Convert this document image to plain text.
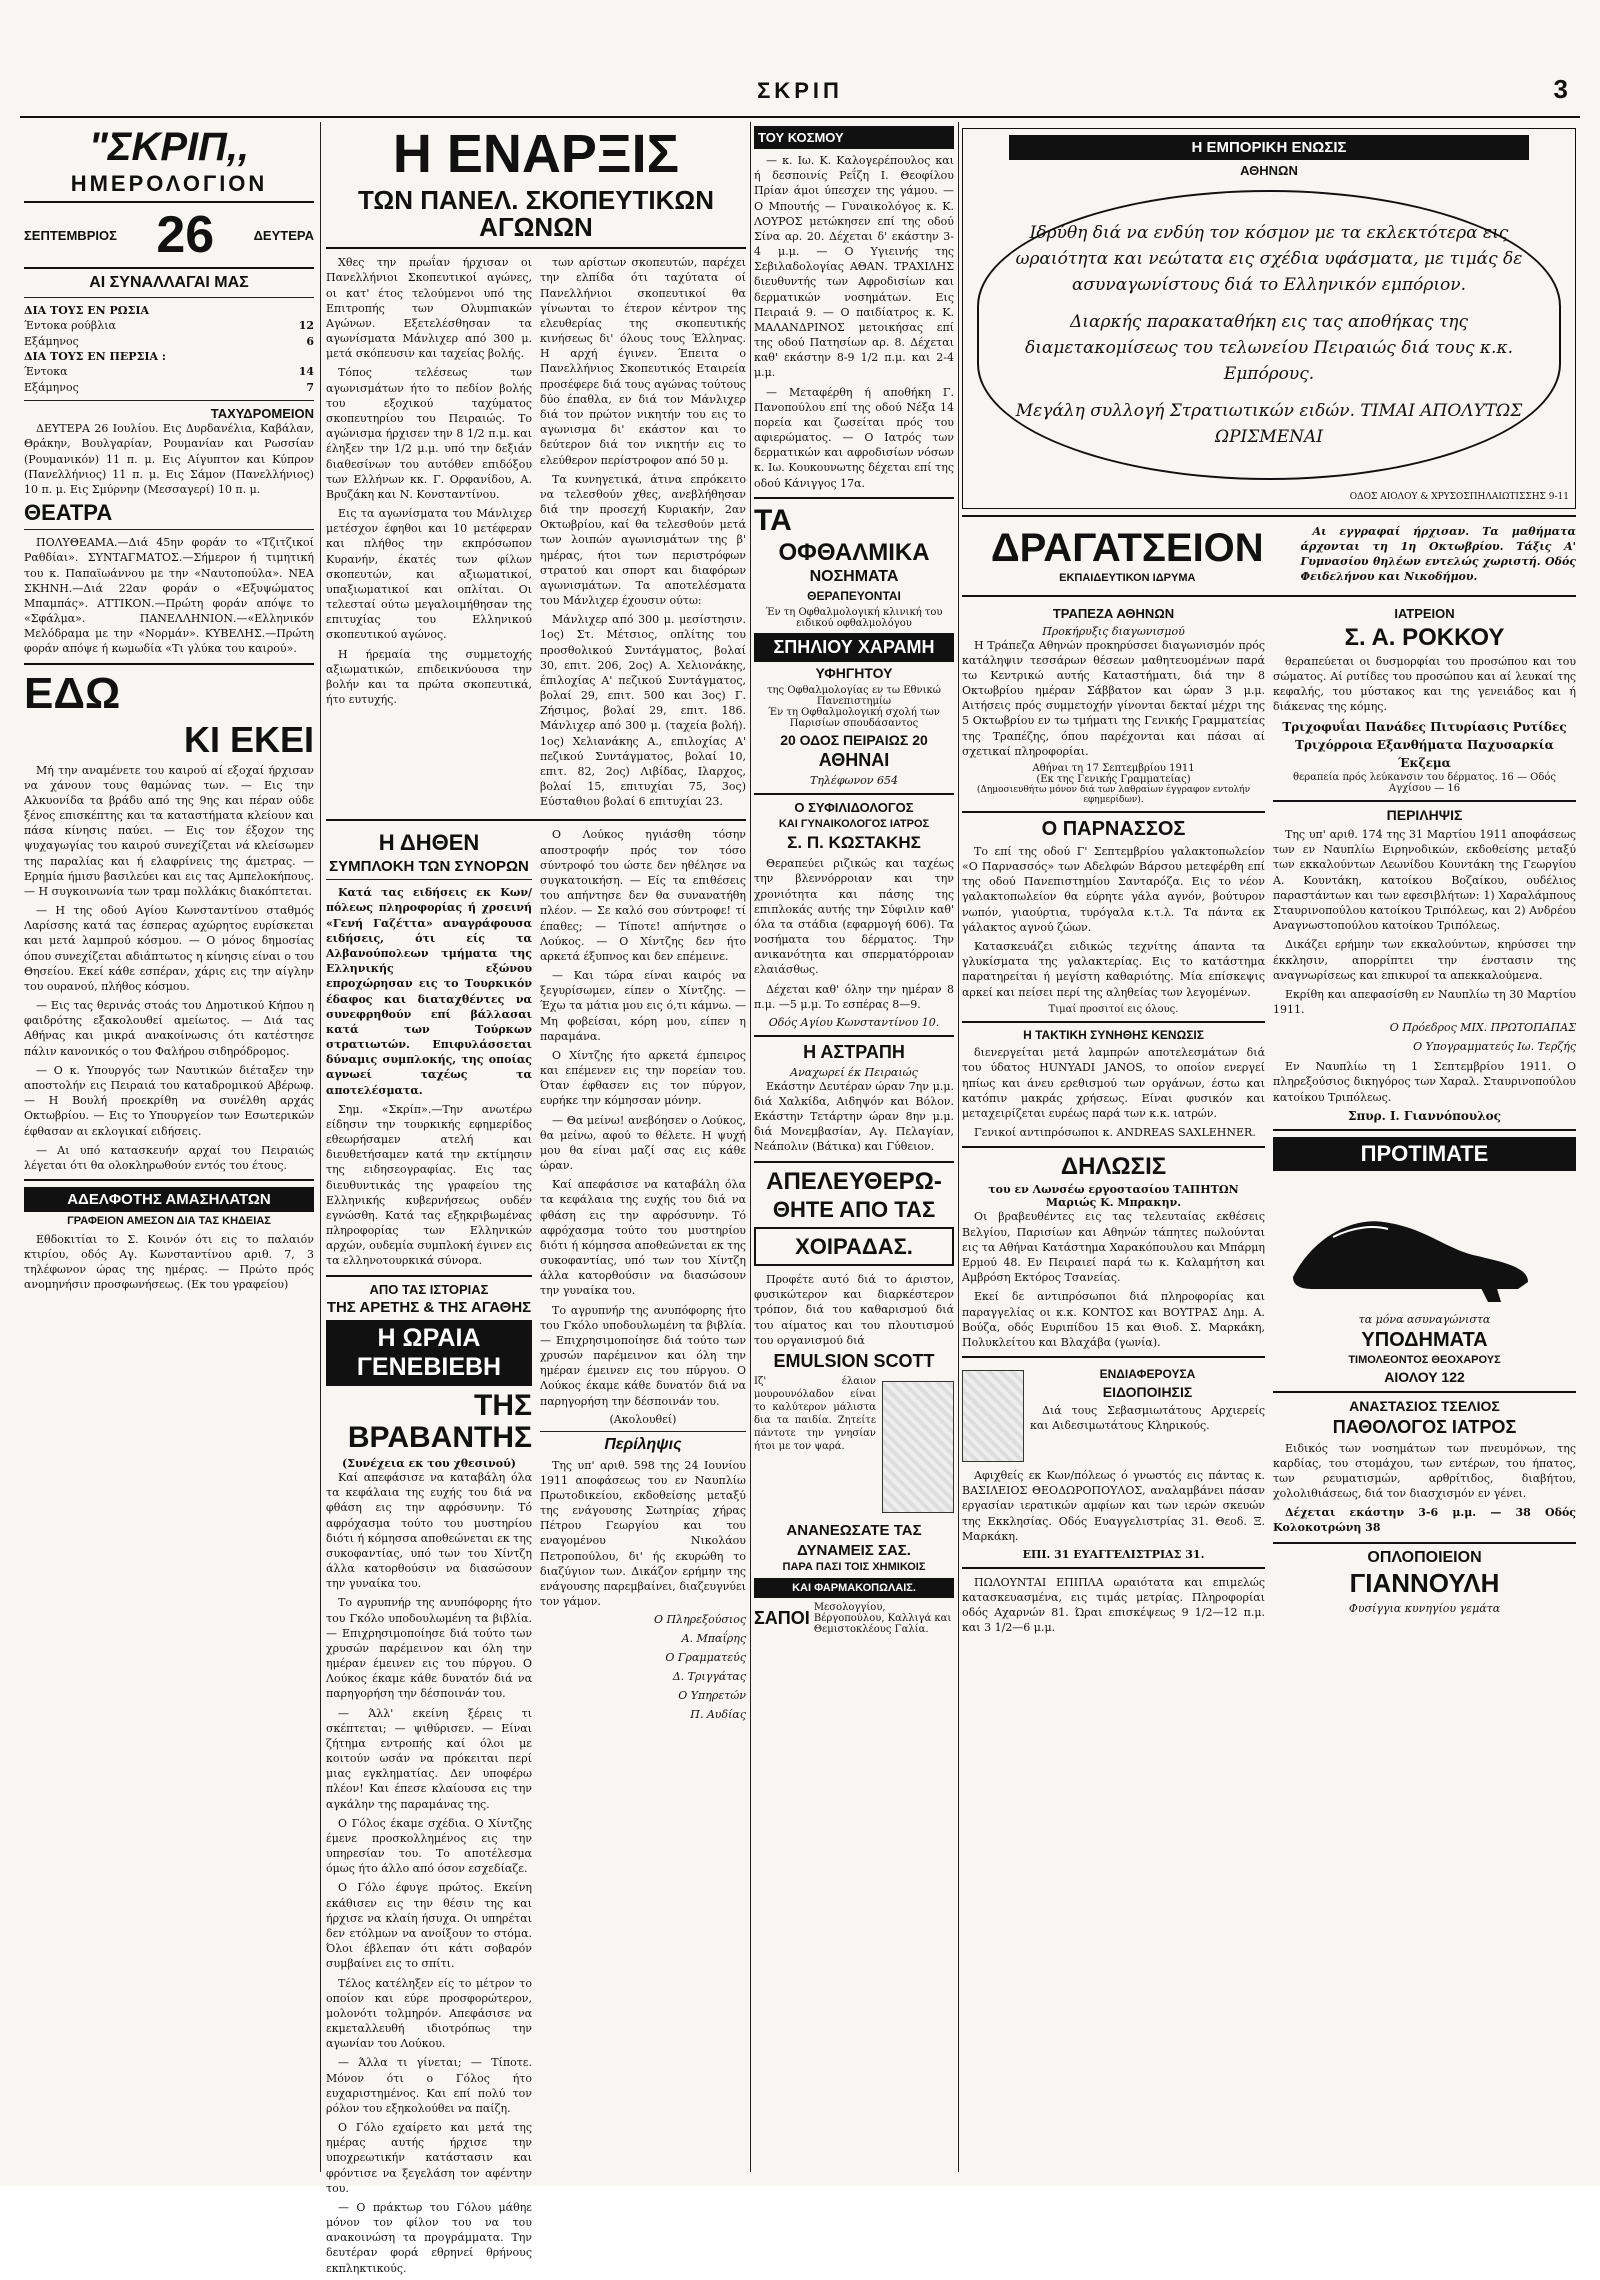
ΣΚΡΙΠ	3
"ΣΚΡΙΠ,,
ΗΜΕΡΟΛΟΓΙΟΝ
ΣΕΠΤΕΜΒΡΙΟΣ 26	ΔΕΥΤΕΡΑ
ΑΙ ΣΥΝΑΛΛΑΓΑΙ ΜΑΣ
ΔΙΑ ΤΟΥΣ ΕΝ ΡΩΣΙΑ
Έντοκα ρούβλια	12
Εξάμηνος	6
ΔΙΑ ΤΟΥΣ ΕΝ ΠΕΡΣΙΑ :
Έντοκα	14
Εξάμηνος	7
ΤΑΧΥΔΡΟΜΕΙΟΝ

ΔΕΥΤΕΡΑ 26 Ιουλίου. Εις Δυρδανέλια, Καβάλαν, Θράκην, Βουλγαρίαν, Ρουμανίαν και Ρωσσίαν (Ρουμανικόν) 11 π. μ. Εις Αίγυπτον και Κύπρον (Πανελλήνιος) 11 π. μ. Εις Σάμον (Πανελλήνιος) 10 π. μ. Εις Σμύρνην (Μεσσαγερί) 10 π. μ.

ΘΕΑΤΡΑ

ΠΟΛΥΘΕΑΜΑ.—Διά 45ην φοράν το «Τζιτζικοί Ραθδίαι». ΣΥΝΤΑΓΜΑΤΟΣ.—Σήμερον ή τιμητική του κ. Παπαϊωάννου με την «Ναυτοπούλα». ΝΕΑ ΣΚΗΝΗ.—Διά 22αν φοράν ο «Εξυψώματος Μπαμπάς». ΑΤΤΙΚΟΝ.—Πρώτη φοράν απόψε το «Σφάλμα». ΠΑΝΕΛΛΗΝΙΟΝ.—«Ελληνικόν Μελόδραμα με την «Νορμάν». ΚΥΒΕΛΗΣ.—Πρώτη φοράν απόψε ή κωμωδία «Τι γλύκα του καιρού».

ΕΔΩ
ΚΙ ΕΚΕΙ

Μή την αναμένετε του καιρού αί εξοχαί ήρχισαν να χάνουν τους θαμώνας των. — Εις την Αλκυονίδα τα βράδυ από της 9ης και πέραν ούδε ξένος επισκέπτης και τα καταστήματα κλείουν και πάσα κίνησις παύει. — Εις τον έξοχον της ψυχαγωγίας του καιρού συνεχίζεται νά κλείσωμεν της παραλίας και ή ελαφρίνεις της άμετρας. — Ερημία ήμισυ βασιλεύει και εις τας Αμπελοκήπους. — Η συγκοινωνία των τραμ πολλάκις διακόπτεται.

— Η της οδού Αγίου Κωνσταντίνου σταθμός Λαρίσσης κατά τας έσπερας αχώρητος ευρίσκεται και μετά λαμπρού κόσμου. — Ο μόνος δημοσίας όπου συνεχίζεται αδιάπτωτος η κίνησις είναι ο του Θησείου. Εκεί κάθε εσπέραν, χάρις εις την αίγλην του ουρανού, πλήθος κόσμου.

— Εις τας θερινάς στοάς του Δημοτικού Κήπου η φαιδρότης εξακολουθεί αμείωτος. — Διά τας Αθήνας και μικρά ανακοίνωσις ότι κατέστησε πάλιν κανονικός ο του Φαλήρου σιδηρόδρομος.

— Ο κ. Υπουργός των Ναυτικών διέταξεν την αποστολήν εις Πειραιά του καταδρομικού Αβέρωφ. — Η Βουλή προεκρίθη να συνέλθη αρχάς Οκτωβρίου. — Εις το Υπουργείον των Εσωτερικών έφθασαν αι εκλογικαί ειδήσεις.

— Αι υπό κατασκευήν αρχαί του Πειραιώς λέγεται ότι θα ολοκληρωθούν εντός του έτους.

ΑΔΕΛΦΟΤΗΣ ΑΜΑΣΗΛΑΤΩΝ
ΓΡΑΦΕΙΟΝ ΑΜΕΣΟΝ ΔΙΑ ΤΑΣ ΚΗΔΕΙΑΣ

Εθδοκιτίαι το Σ. Κοινόν ότι εις το παλαιόν κτιρίου, οδός Αγ. Κωνσταντίνου αριθ. 7, 3 τηλέφωνον ώρας της ημέρας. — Πρώτο πρός ανομηνήσιν προσφωνήσεως. (Εκ του γραφείου)

Η ΕΝΑΡΞΙΣ
ΤΩΝ ΠΑΝΕΛ. ΣΚΟΠΕΥΤΙΚΩΝ ΑΓΩΝΩΝ

Χθες την πρωΐαν ήρχισαν οι Πανελλήνιοι Σκοπευτικοί αγώνες, οι κατ' έτος τελούμενοι υπό της Επιτροπής των Ολυμπιακών Αγώνων. Εξετελέσθησαν τα αγωνίσματα Μάνλιχερ από 300 μ. μετά σκόπευσιν και ταχείας βολής.

Τόπος τελέσεως των αγωνισμάτων ήτο το πεδίον βολής του εξοχικού ταχύματος σκοπευτηρίου του Πειραιώς. Το αγώνισμα ήρχισεν την 8 1/2 π.μ. και έληξεν την 1/2 μ.μ. υπό την δεξιάν διαθεσίνων του αυτόθεν επιδόξου των Ελλήνων κκ. Γ. Ορφανίδου, Α. Βρυζάκη και Ν. Κονσταντίνου.

Εις τα αγωνίσματα του Μάνλιχερ μετέσχον έφηθοι και 10 μετέφεραν και πλήθος την εκπρόσωπον Κυρανήν, έκατές των φίλων σκοπευτών, και αξιωματικοί, υπαξιωματικοί και οπλίται. Οι τελεσταί ούτω μεγαλοιμήθησαν της επιτυχίας του Ελληνικού σκοπευτικού αγώνος.

Η ήρεμαία της συμμετοχής αξιωματικών, επιδεικνύουσα την βολήν και τα πρώτα σκοπευτικά, ήτο ευτυχής.

των αρίστων σκοπευτών, παρέχει την ελπίδα ότι ταχύτατα οί Πανελλήνιοι σκοπευτικοί θα γίνωνται το έτερον κέντρον της ελευθερίας της σκοπευτικής κινήσεως δι' όλους τους Έλληνας. Η αρχή έγινεν. Έπειτα ο Πανελλήνιος Σκοπευτικός Εταιρεία προσέφερε διά τους αγώνας τούτους δύο έπαθλα, εν διά τον Μάνλιχερ διά τον πρώτον νικητήν του εις το αγωνισμα δι' εκάστον και το δεύτερον διά τον νικητήν εις το ελεύθερον περίστροφον από 50 μ.

Τα κυνηγετικά, άτινα επρόκειτο να τελεσθούν χθες, ανεβλήθησαν διά την προσεχή Κυριακήν, 2αν Οκτωβρίου, καί θα τελεσθούν μετά των λοιπών αγωνισμάτων της β' ημέρας, ήτοι των περιστρόφων στρατού και σπορτ και διαφόρων αγωνισμάτων. Τα αποτελέσματα του Μάνλιχερ έχουσιν ούτω:

Μάνλιχερ από 300 μ. μεσίστησιν. 1ος) Στ. Μέτσιος, οπλίτης του προσθολικού Συντάγματος, βολαί 30, επιτ. 206, 2ος) Α. Χελιονάκης, έπιλοχίας Α' πεζικού Συντάγματος, βολαί 29, επιτ. 500 και 3ος) Γ. Ζήσιμος, βολαί 29, επιτ. 186. Μάνλιχερ από 300 μ. (ταχεία βολή). 1ος) Χελιανάκης Α., επιλοχίας Α' πεζικού Συντάγματος, βολαί 10, επιτ. 82, 2ος) Λιβίδας, Ιλαρχος, βολαί 15, επιτυχίαι 75, 3ος) Εύσταθιου βολαί 6 επιτυχίαι 23.

Η ΔΗΘΕΝ
ΣΥΜΠΛΟΚΗ ΤΩΝ ΣΥΝΟΡΩΝ

Κατά τας ειδήσεις εκ Κων/πόλεως πληροφορίας ή χρσεινή «Γενή Γαζέττα» αναγράφουσα ειδήσεις, ότι είς τα Αλβανούπολεων τμήματα της Ελληνικής εξώνου επροχώρησαν εις το Τουρκικόν έδαφος και διαταχθέντες να συνεφρηθούν επί βάλλασαι κατά των Τούρκων στρατιωτών. Επιφυλάσσεται δύναμις συμπλοκής, της οποίας αγνωεί ταχέως τα αποτελέσματα.

Σημ. «Σκρίπ».—Την ανωτέρω είδησιν την τουρκικής εφημερίδος εθεωρήσαμεν ατελή και διευθετήσαμεν κατά την εκτίμησιν της ειδησεογραφίας. Εις τας διευθυντικάς της γραφείου της Ελληνικής κυβερνήσεως ουδέν εγνώσθη. Κατά τας εξηκριβωμένας πληροφορίας των Ελληνικών αρχών, ουδεμία συμπλοκή έγινεν εις τα ελληνοτουρκικά σύνορα.

ΑΠΟ ΤΑΣ ΙΣΤΟΡΙΑΣ
ΤΗΣ ΑΡΕΤΗΣ & ΤΗΣ ΑΓΑΘΗΣ
Η ΩΡΑΙΑ ΓΕΝΕΒΙΕΒΗ
ΤΗΣ ΒΡΑΒΑΝΤΗΣ
(Συνέχεια εκ του χθεσινού)

Καί απεφάσισε να καταβάλη όλα τα κεφάλαια της ευχής του διά να φθάση εις την αφρόσυνην. Τό αφρόχασμα τούτο του μυστηρίου διότι ή κόμησσα αποθεώνεται εκ της συκοφαντίας, υπό των του Χίντζη άλλα κατορθούσιν να διασώσουν την γυναίκα του.

Το αγρυπνήρ της ανυπόφορης ήτο του Γκόλο υποδουλωμένη τα βιβλία. — Επιχρησιμοποίησε διά τούτο των χρυσών παρέμεινον και όλη την ημέραν έμεινεν εις του πύργου. Ο Λούκος έκαμε κάθε δυνατόν διά να παρηγορήση την δέσποινάν του.

— Άλλ' εκείνη ξέρεις τι σκέπτεται; — ψιθύρισεν. — Είναι ζήτημα εντροπής καί όλοι με κοιτούν ωσάν να πρόκειται περί μιας εγκληματίας. Δεν υποφέρω πλέον! Και έπεσε κλαίουσα εις την αγκάλην της παραμάνας της.

Ο Γόλος έκαμε σχέδια. Ο Χίντζης έμενε προσκολλημένος εις την υπηρεσίαν του. Το αποτέλεσμα όμως ήτο άλλο από όσον εσχεδίαζε.

Ο Γόλο έφυγε πρώτος. Εκείνη εκάθισεν εις την θέσιν της και ήρχισε να κλαίη ήσυχα. Οι υπηρέται δεν ετόλμων να ανοίξουν το στόμα. Όλοι έβλεπαν ότι κάτι σοβαρόν συμβαίνει εις το σπίτι.

Τέλος κατέληξεν είς το μέτρον το οποίον και εύρε προσφορώτερον, μολονότι τολμηρόν. Απεφάσισε να εκμεταλλευθή ιδιοτρόπως την αγωνίαν του Λούκου.

— Άλλα τι γίνεται; — Τίποτε. Μόνον ότι ο Γόλος ήτο ευχαριστημένος. Και επί πολύ τον ρόλον του εξηκολούθει να παίζη.

Ο Γόλο εχαίρετο και μετά της ημέρας αυτής ήρχισε την υποχρεωτικήν κατάστασιν και φρόντισε να ξεγελάση τον αφέντην του.

— Ο πράκτωρ του Γόλου μάθηε μόνον τον φίλον του να του ανακοινώση τα προγράμματα. Την δευτέραν φορά εθρηνεί θρήνους εκπληκτικούς.

Ο Λούκος ηγιάσθη τόσην αποστροφήν πρός τον τόσο σύντροφό του ώστε δεν ηθέλησε να συγκατοικήση. — Είς τα επιθέσεις του απήντησε δεν θα συνανατήθη πλέον. — Σε καλό σου σύντροφε! τί έπαθες; — Τίποτε! απήντησε ο Λούκος. — Ο Χίντζης δεν ήτο αρκετά έξυπνος και δεν επέμεινε.

— Και τώρα είναι καιρός να ξεγυρίσωμεν, είπεν ο Χίντζης. — Έχω τα μάτια μου εις ό,τι κάμνω. — Μη φοβείσαι, κόρη μου, είπεν η παραμάνα.

Ο Χίντζης ήτο αρκετά έμπειρος και επέμενεν εις την πορείαν του. Όταν έφθασεν εις τον πύργον, ευρήκε την κόμησσαν μόνην.

— Θα μείνω! ανεβόησεν ο Λούκος, θα μείνω, αφού το θέλετε. Η ψυχή μου θα είναι μαζί σας εις κάθε ώραν.

Καί απεφάσισε να καταβάλη όλα τα κεφάλαια της ευχής του διά να φθάση εις την αφρόσυνην. Τό αφρόχασμα τούτο του μυστηρίου διότι ή κόμησσα αποθεώνεται εκ της συκοφαντίας, υπό των του Χίντζη άλλα κατορθούσιν να διασώσουν την γυναίκα του.

Το αγρυπνήρ της ανυπόφορης ήτο του Γκόλο υποδουλωμένη τα βιβλία. — Επιχρησιμοποίησε διά τούτο των χρυσών παρέμεινον και όλη την ημέραν έμεινεν εις του πύργου. Ο Λούκος έκαμε κάθε δυνατόν διά να παρηγορήση την δέσποινάν του.

(Ακολουθεί)
Περίληψις

Της υπ' αριθ. 598 της 24 Ιουνίου 1911 αποφάσεως του εν Ναυπλίω Πρωτοδικείου, εκδοθείσης μεταξύ της ενάγουσης Σωτηρίας χήρας Πέτρου Γεωργίου και του εναγομένου Νικολάου Πετροπούλου, δι' ής εκυρώθη το διαζύγιον των. Δικάζον ερήμην της ενάγουσης παρεμβαίνει, διαζευγνύει τον γάμον.

Ο Πληρεξούσιος
Α. Μπαΐρης
Ο Γραμματεύς
Δ. Τριγγάτας
Ο Υπηρετών
Π. Αυδίας
ΤΟΥ ΚΟΣΜΟΥ

— κ. Ιω. Κ. Καλογερέπουλος και ή δεσποινίς Ρεΐζη Ι. Θεοφίλου Πρίαν άμοι ύπεσχεν της γάμου. — Ο Μπουτής — Γυναικολόγος κ. Κ. ΛΟΥΡΟΣ μετώκησεν επί της οδού Σίνα αρ. 20. Δέχεται δ' εκάστην 3-4 μ.μ. — Ο Υγιεινής της Σεβιλαδολογίας ΑΘΑΝ. ΤΡΑΧΙΛΗΣ διευθυντής των Αφροδισίων και δερματικών νοσημάτων. Εις Πειραιά 9. — Ο παιδίατρος κ. Κ. ΜΑΛΑΝΔΡΙΝΟΣ μετοικήσας επί της οδού Πατησίων αρ. 8. Δέχεται καθ' εκάστην 8-9 1/2 π.μ. και 2-4 μ.μ.

— Μεταφέρθη ή αποθήκη Γ. Πανοπούλου επί της οδού Νέξα 14 πορεία και ζωσείται πρός του αφιερώματος. — Ο Ιατρός των δερματικών και αφροδισίων νόσων κ. Ιω. Κουκουνωτης δέχεται επί της οδού Κάνιγγος 17α.

ΤΑ
ΟΦΘΑΛΜΙΚΑ
ΝΟΣΗΜΑΤΑ
ΘΕΡΑΠΕΥΟΝΤΑΙ
Έν τη Οφθαλμολογική κλινική του ειδικού οφθαλμολόγου
ΣΠΗΛΙΟΥ ΧΑΡΑΜΗ
ΥΦΗΓΗΤΟΥ
της Οφθαλμολογίας εν τω Εθνικώ Πανεπιστημίω
Έν τη Οφθαλμολογική σχολή των Παρισίων σπουδάσαντος
20 ΟΔΟΣ ΠΕΙΡΑΙΩΣ 20
ΑΘΗΝΑΙ
Τηλέφωνον 654
Ο ΣΥΦΙΛΙΔΟΛΟΓΟΣ
ΚΑΙ ΓΥΝΑΙΚΟΛΟΓΟΣ ΙΑΤΡΟΣ
Σ. Π. ΚΩΣΤΑΚΗΣ

Θεραπεύει ριζικώς και ταχέως την βλεννόρροιαν και την χρονιότητα και πάσης της επιπλοκάς αυτής την Σύφιλιν καθ' όλα τα στάδια (εφαρμογή 606). Τα νοσήματα του δέρματος. Την ανικανότητα και σπερματόρροιαν ελαιάσθως.

Δέχεται καθ' όλην την ημέραν 8 π.μ. —5 μ.μ. Το εσπέρας 8—9.

Οδός Αγίου Κωνσταντίνου 10.
Η ΑΣΤΡΑΠΗ
Αναχωρεί έκ Πειραιώς

Εκάστην Δευτέραν ώραν 7ην μ.μ. διά Χαλκίδα, Αιδηψόν και Βόλον. Εκάστην Τετάρτην ώραν 8ην μ.μ. διά Μονεμβασίαν, Αγ. Πελαγίαν, Νεάπολιν (Βάτικα) και Γύθειον.

ΑΠΕΛΕΥΘΕΡΩ-
ΘΗΤΕ ΑΠΟ ΤΑΣ
ΧΟΙΡΑΔΑΣ.

Προφέτε αυτό διά το άριστον, φυσικώτερον και διαρκέστερον τρόπον, διά του καθαρισμού διά του αίματος και του πλουτισμού του οργανισμού διά

EMULSION SCOTT

Ιζ' έλαιον μουρουνόλαδον είναι το καλύτερον μάλιστα δια τα παιδία. Ζητείτε πάντοτε την γνησίαν ήτοι με τον ψαρά.

ΑΝΑΝΕΩΣΑΤΕ ΤΑΣ
ΔΥΝΑΜΕΙΣ ΣΑΣ.
ΠΑΡΑ ΠΑΣΙ ΤΟΙΣ ΧΗΜΙΚΟΙΣ
ΚΑΙ ΦΑΡΜΑΚΟΠΩΛΑΙΣ.
ΣΑΠΟΙ
Μεσολογγίου, Βέργοπούλου, Καλλιγά και Θεμιστοκλέους Γαλία.
Η ΕΜΠΟΡΙΚΗ ΕΝΩΣΙΣ
ΑΘΗΝΩΝ
Ιδρύθη διά να ενδύη τον κόσμον με τα εκλεκτότερα εις ωραιότητα και νεώτατα εις σχέδια υφάσματα, με τιμάς δε ασυναγωνίστους διά το Ελληνικόν εμπόριον.
Διαρκής παρακαταθήκη εις τας αποθήκας της διαμετακομίσεως του τελωνείου Πειραιώς διά τους κ.κ. Εμπόρους.
Μεγάλη συλλογή Στρατιωτικών ειδών. ΤΙΜΑΙ ΑΠΟΛΥΤΩΣ ΩΡΙΣΜΕΝΑΙ
ΟΔΟΣ ΑΙΟΛΟΥ & ΧΡΥΣΟΣΠΗΛΑΙΩΤΙΣΣΗΣ 9-11
ΔΡΑΓΑΤΣΕΙΟΝ
ΕΚΠΑΙΔΕΥΤΙΚΟΝ ΙΔΡΥΜΑ

Αι εγγραφαί ήρχισαν. Τα μαθήματα άρχονται τη 1η Οκτωβρίου. Τάξις Α' Γυμνασίου θηλέων εντελώς χωριστή. Οδός Φειδελήνου και Νικοδήμου.

ΤΡΑΠΕΖΑ ΑΘΗΝΩΝ
Προκήρυξις διαγωνισμού

Η Τράπεζα Αθηνών προκηρύσσει διαγωνισμόν πρός κατάληψιν τεσσάρων θέσεων μαθητευομένων παρά τω Κεντρικώ αυτής Καταστήματι, διά την 8 Οκτωβρίου ημέραν Σάββατον και ώραν 3 μ.μ. Αιτήσεις πρός συμμετοχήν γίνονται δεκταί μέχρι της 5 Οκτωβρίου εν τω τμήματι της Γενικής Γραμματείας της Τραπέζης, όπου παρέχονται και πάσαι αί σχετικαί πληροφορίαι.

Αθήναι τη 17 Σεπτεμβρίου 1911
(Εκ της Γενικής Γραμματείας)
(Δημοσιευθήτω μόνον διά των λαθραίων έγγραφον εντολήν εφημερίδων).
Ο ΠΑΡΝΑΣΣΟΣ

Το επί της οδού Γ' Σεπτεμβρίου γαλακτοπωλείον «Ο Παρνασσός» των Αδελφών Βάρσου μετεφέρθη επί της οδού Πανεπιστημίου Σανταρόζα. Εις το νέον γαλακτοπωλείον θα εύρητε γάλα αγνόν, βούτυρον νωπόν, γιαούρτια, τυρόγαλα κ.τ.λ. Τα πάντα εκ γάλακτος αγνού ζώων.

Κατασκευάζει ειδικώς τεχνίτης άπαντα τα γλυκίσματα της γαλακτερίας. Εις το κατάστημα παρατηρείται ή μεγίστη καθαριότης. Μία επίσκεψις αρκεί και πείσει περί της αληθείας των λεγομένων.

Τιμαί προσιτοί εις όλους.
Η ΤΑΚΤΙΚΗ ΣΥΝΗΘΗΣ ΚΕΝΩΣΙΣ

διενεργείται μετά λαμπρών αποτελεσμάτων διά του ύδατος HUNYADI JANOS, το οποίον ενεργεί ηπίως και άνευ ερεθισμού των οργάνων, έστω και κατόπιν μακράς χρήσεως. Είναι φυσικόν και μεταχειρίζεται ευρέως παρά των κ.κ. ιατρών.

Γενικοί αντιπρόσωποι κ. ANDREAS SAXLEHNER.

ΔΗΛΩΣΙΣ
του εν Λωνσέω εργοστασίου ΤΑΠΗΤΩΝ Μαριώς Κ. Μπρακην.

Οι βραβευθέντες εις τας τελευταίας εκθέσεις Βελγίου, Παρισίων και Αθηνών τάπητες πωλούνται εις τα Αθήναι Κατάστημα Χαρακόπουλου και Μπάρμη Ερμού 48. Εν Πειραιεί παρά τω κ. Καλαμήτση και Αμβρόση Εκτόρος Τσανείας.

Εκεί δε αντιπρόσωποι διά πληροφορίας και παραγγελίας οι κ.κ. ΚΟΝΤΟΣ και ΒΟΥΤΡΑΣ Δημ. Α. Βούζα, οδός Ευριπίδου 15 και Θιοδ. Σ. Μαρκάκη, Πολυκλείτου και Βλαχάβα (γωνία).

ΕΝΔΙΑΦΕΡΟΥΣΑ
ΕΙΔΟΠΟΙΗΣΙΣ

Διά τους Σεβασμιωτάτους Αρχιερείς και Αιδεσιμωτάτους Κληρικούς.

Αφιχθείς εκ Κων/πόλεως ό γνωστός εις πάντας κ. ΒΑΣΙΛΕΙΟΣ ΘΕΟΔΩΡΟΠΟΥΛΟΣ, αναλαμβάνει πάσαν εργασίαν ιερατικών αμφίων και των ιερών σκευών της Εκκλησίας. Οδός Ευαγγελιστρίας 31. Θεοδ. Ξ. Μαρκάκη.

ΕΠΙ. 31 ΕΥΑΓΓΕΛΙΣΤΡΙΑΣ 31.

ΠΩΛΟΥΝΤΑΙ ΕΠΙΠΛΑ ωραιότατα και επιμελώς κατασκευασμένα, εις τιμάς μετρίας. Πληροφορίαι οδός Αχαρνών 81. Ώραι επισκέψεως 9 1/2—12 π.μ. και 3 1/2—6 μ.μ.

ΙΑΤΡΕΙΟΝ
Σ. Α. ΡΟΚΚΟΥ

θεραπεύεται οι δυσμορφίαι του προσώπου και του σώματος. Αί ρυτίδες του προσώπου και αί λευκαί της κεφαλής, του μύστακος και της γενειάδος και ή διάκενας της κόμης.

Τριχοφυΐαι Πανάδες Πιτυρίασις Ρυτίδες Τριχόρροια Εξανθήματα Παχυσαρκία Έκζεμα
θεραπεία πρός λεύκανσιν του δέρματος. 16 — Οδός Αγχίσου — 16
ΠΕΡΙΛΗΨΙΣ

Της υπ' αριθ. 174 της 31 Μαρτίου 1911 αποφάσεως των εν Ναυπλίω Ειρηνοδικών, εκδοθείσης μεταξύ των εκκαλούντων Λεωνίδου Κουντάκη της Γεωργίου Α. Κουντάκη, κατοίκου Βοζαίκου, ουδέλιος παραστάντων και των εφεσιβλήτων: 1) Χαραλάμπους Σταυρινοπούλου κατοίκου Τριπόλεως, και 2) Ανδρέου Αναγνωστοπούλου κατοίκου Τριπόλεως.

Δικάζει ερήμην των εκκαλούντων, κηρύσσει την έκκλησιν, απορρίπτει την ένστασιν της αναγνωρίσεως και επικυροί τα απεκκαλούμενα.

Εκρίθη και απεφασίσθη εν Ναυπλίω τη 30 Μαρτίου 1911.

Ο Πρόεδρος ΜΙΧ. ΠΡΩΤΟΠΑΠΑΣ
Ο Υπογραμματεύς Ιω. Τερζής

Εν Ναυπλίω τη 1 Σεπτεμβρίου 1911. Ο πληρεξούσιος δικηγόρος των Χαραλ. Σταυρινοπούλου κατοίκου Τριπόλεως.

Σπυρ. Ι. Γιαννόπουλος
ΠΡΟΤΙΜΑΤΕ
τα μόνα ασυναγώνιστα
ΥΠΟΔΗΜΑΤΑ
ΤΙΜΟΛΕΟΝΤΟΣ ΘΕΟΧΑΡΟΥΣ
ΑΙΟΛΟΥ 122
ΑΝΑΣΤΑΣΙΟΣ ΤΣΕΛΙΟΣ
ΠΑΘΟΛΟΓΟΣ ΙΑΤΡΟΣ

Ειδικός των νοσημάτων των πνευμόνων, της καρδίας, του στομάχου, των εντέρων, του ήπατος, των ρευματισμών, αρθρίτιδος, διαβήτου, χολολιθιάσεως, διά τον διασχισμόν εν γένει.

Δέχεται εκάστην 3-6 μ.μ. — 38 Οδός Κολοκοτρώνη 38

ΟΠΛΟΠΟΙΕΙΟΝ
ΓΙΑΝΝΟΥΛΗ
Φυσίγγια κυνηγίου γεμάτα
